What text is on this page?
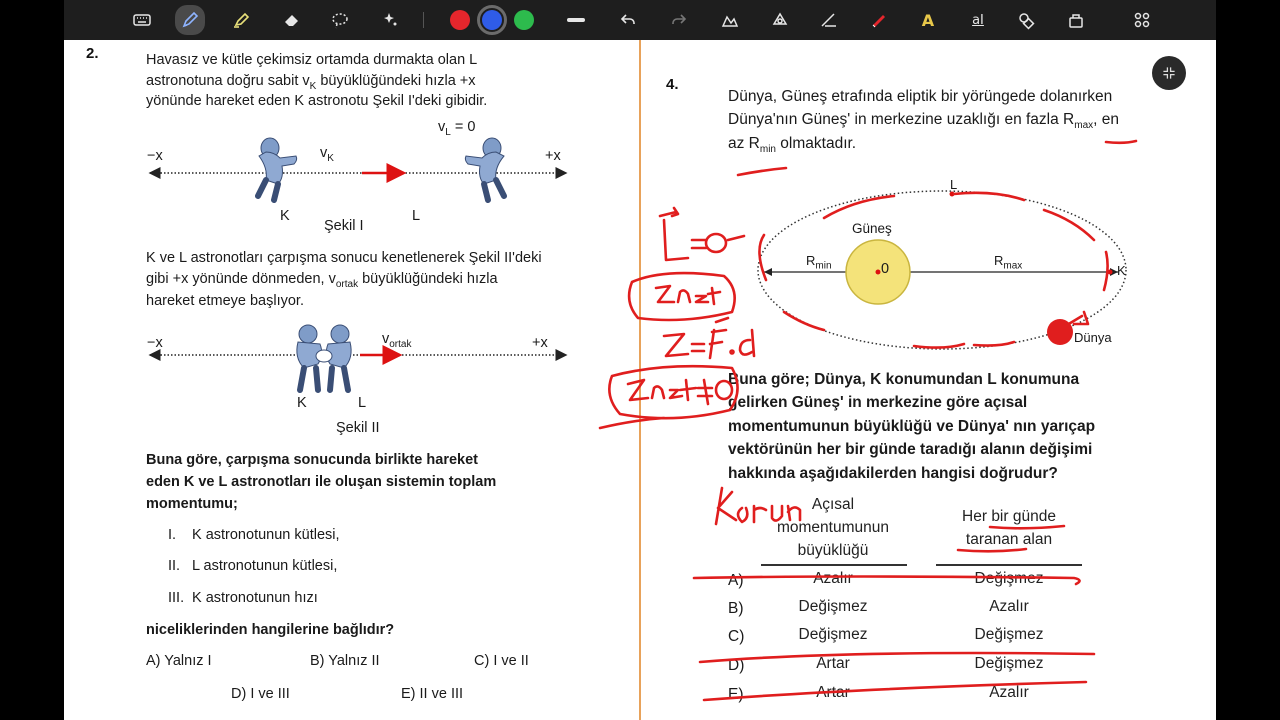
A	aI
2.	Havasız ve kütle çekimsiz ortamda durmakta olan L
astronotuna doğru sabit $v_K$ büyüklüğündeki hızla +x
yönünde hareket eden K astronotu Şekil I'deki gibidir.
−x	+x
$v_K$
$v_L = 0$
K	L
Şekil I
K ve L astronotları çarpışma sonucu kenetlenerek Şekil II'deki
gibi +x yönünde dönmeden, $v_{ortak}$ büyüklüğündeki hızla
hareket etmeye başlıyor.
−x	+x
$v_{ortak}$
K	L
Şekil II
Buna göre, çarpışma sonucunda birlikte hareket
eden K ve L astronotları ile oluşan sistemin toplam
momentumu;
I. K astronotunun kütlesi,
II. L astronotunun kütlesi,
III. K astronotunun hızı
niceliklerinden hangilerine bağlıdır?
A) Yalnız I	B) Yalnız II	C) I ve II
D) I ve III	E) II ve III
4.
Dünya, Güneş etrafında eliptik bir yörüngede dolanırken
Dünya'nın Güneş' in merkezine uzaklığı en fazla $R_{max}$, en
az $R_{min}$ olmaktadır.
Güneş
0
$R_{min}$	$R_{max}$
L
K
Dünya
Buna göre; Dünya, K konumundan L konumuna
gelirken Güneş' in merkezine göre açısal
momentumunun büyüklüğü ve Dünya' nın yarıçap
vektörünün her bir günde taradığı alanın değişimi
hakkında aşağıdakilerden hangisi doğrudur?
Açısal
momentumunun
büyüklüğü
Her bir günde
taranan alan
A)	Azalır	Değişmez
B)	Değişmez	Azalır
C)	Değişmez	Değişmez
D)	Artar	Değişmez
E)	Artar	Azalır
